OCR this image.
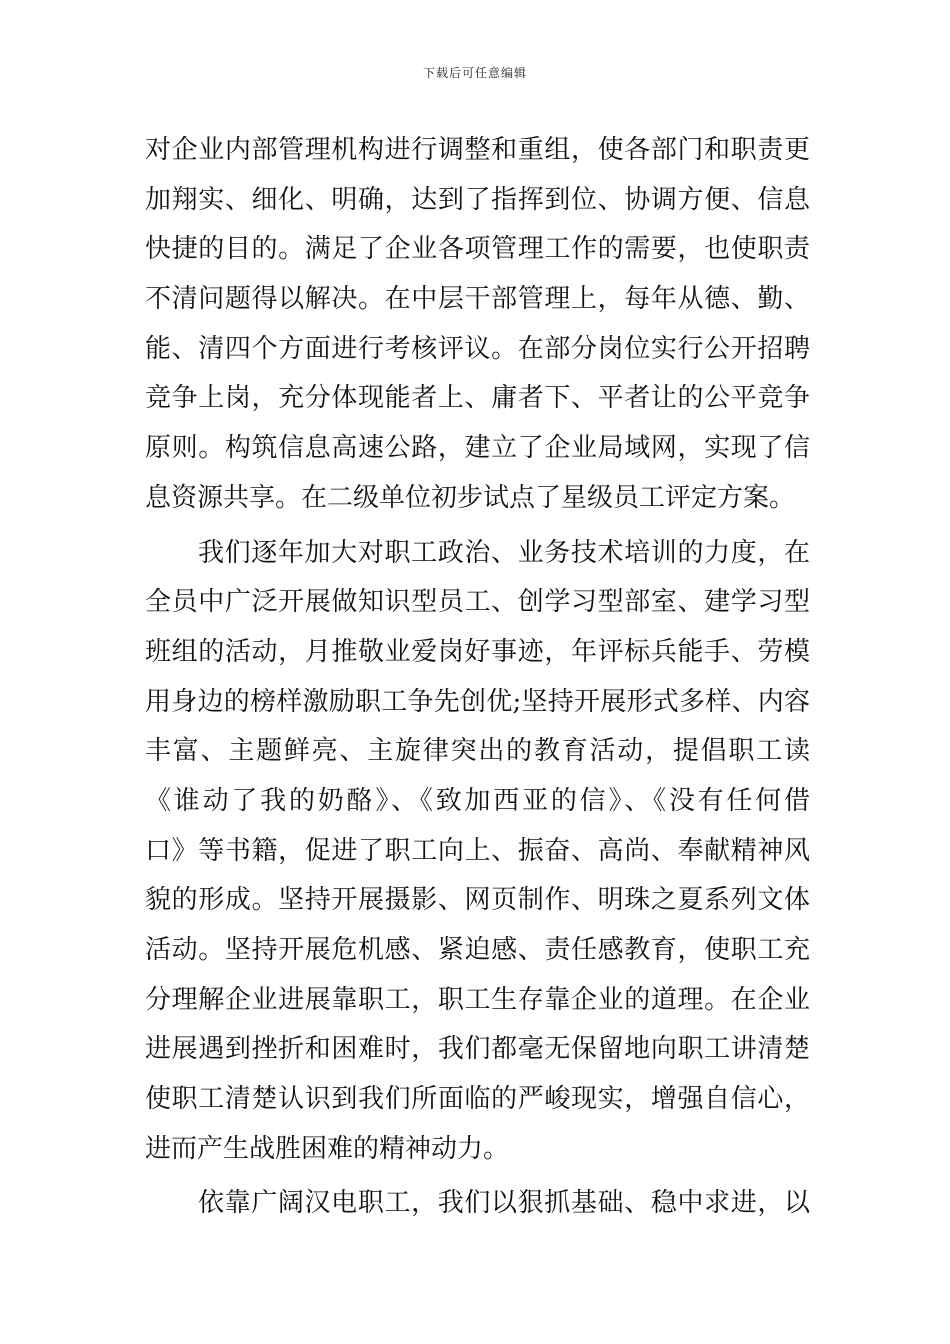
下载后可任意编辑
对企业内部管理机构进行调整和重组，使各部门和职责更
加翔实、细化、明确，达到了指挥到位、协调方便、信息
快捷的目的。满足了企业各项管理工作的需要，也使职责
不清问题得以解决。在中层干部管理上，每年从德、勤、
能、清四个方面进行考核评议。在部分岗位实行公开招聘
竞争上岗，充分体现能者上、庸者下、平者让的公平竞争
原则。构筑信息高速公路，建立了企业局域网，实现了信
息资源共享。在二级单位初步试点了星级员工评定方案。
我们逐年加大对职工政治、业务技术培训的力度，在
全员中广泛开展做知识型员工、创学习型部室、建学习型
班组的活动，月推敬业爱岗好事迹，年评标兵能手、劳模
用身边的榜样激励职工争先创优;坚持开展形式多样、内容
丰富、主题鲜亮、主旋律突出的教育活动，提倡职工读
《谁动了我的奶酪》、《致加西亚的信》、《没有任何借
口》等书籍，促进了职工向上、振奋、高尚、奉献精神风
貌的形成。坚持开展摄影、网页制作、明珠之夏系列文体
活动。坚持开展危机感、紧迫感、责任感教育，使职工充
分理解企业进展靠职工，职工生存靠企业的道理。在企业
进展遇到挫折和困难时，我们都毫无保留地向职工讲清楚
使职工清楚认识到我们所面临的严峻现实，增强自信心，
进而产生战胜困难的精神动力。
依靠广阔汉电职工，我们以狠抓基础、稳中求进，以
